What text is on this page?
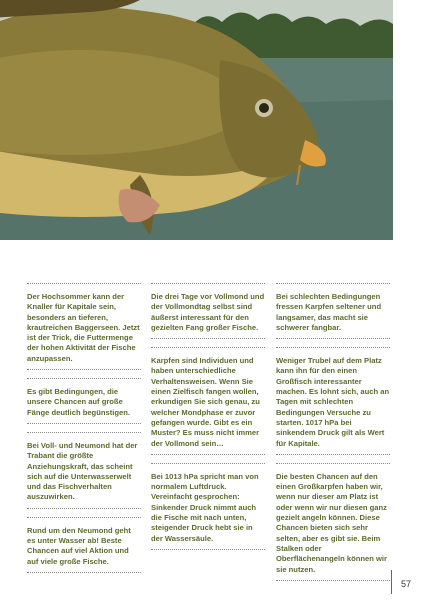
Der Hochsommer kann der Knaller für Kapitale sein, besonders an tieferen, krautreichen Baggerseen. Jetzt ist der Trick, die Futtermenge der hohen Aktivität der Fische anzupassen.

Es gibt Bedingungen, die unsere Chancen auf große Fänge deutlich begünstigen.

Bei Voll- und Neumond hat der Trabant die größte Anziehungskraft, das scheint sich auf die Unterwasserwelt und das Fischverhalten auszuwirken.

Rund um den Neumond geht es unter Wasser ab! Beste Chancen auf viel Aktion und auf viele große Fische.

Die drei Tage vor Vollmond und der Vollmondtag selbst sind äußerst interessant für den gezielten Fang großer Fische.

Karpfen sind Individuen und haben unterschiedliche Verhaltensweisen. Wenn Sie einen Zielfisch fangen wollen, erkundigen Sie sich genau, zu welcher Mondphase er zuvor gefangen wurde. Gibt es ein Muster? Es muss nicht immer der Vollmond sein…

Bei 1013 hPa spricht man von normalem Luftdruck. Vereinfacht gesprochen: Sinkender Druck nimmt auch die Fische mit nach unten, steigender Druck hebt sie in der Wassersäule.

Bei schlechten Bedingungen fressen Karpfen seltener und langsamer, das macht sie schwerer fangbar.

Weniger Trubel auf dem Platz kann ihn für den einen Großfisch interessanter machen. Es lohnt sich, auch an Tagen mit schlechten Bedingungen Versuche zu starten. 1017 hPa bei sinkendem Druck gilt als Wert für Kapitale.

Die besten Chancen auf den einen Großkarpfen haben wir, wenn nur dieser am Platz ist oder wenn wir nur diesen ganz gezielt angeln können. Diese Chancen bieten sich sehr selten, aber es gibt sie. Beim Stalken oder Oberflächenangeln können wir sie nutzen.

57
